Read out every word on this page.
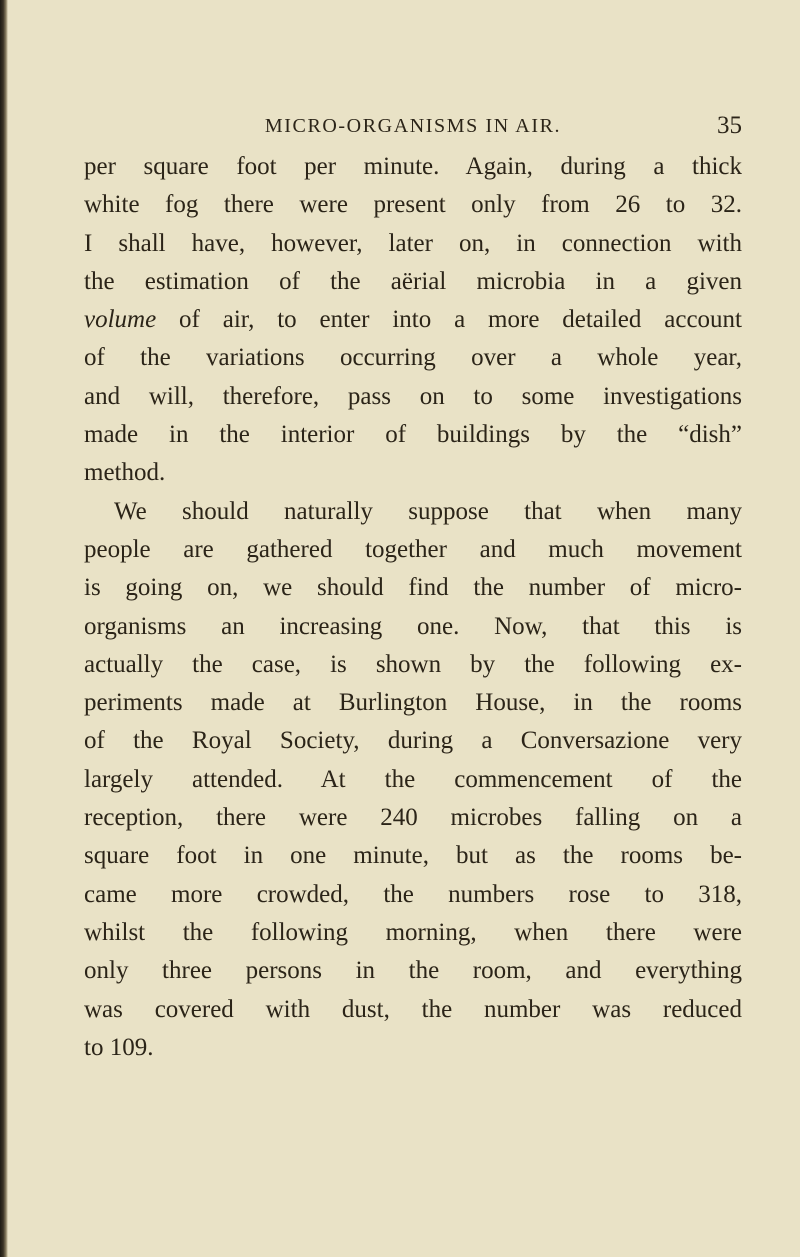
MICRO-ORGANISMS IN AIR.	35
per square foot per minute. Again, during a thick
white fog there were present only from 26 to 32.
I shall have, however, later on, in connection with
the estimation of the aërial microbia in a given
volume of air, to enter into a more detailed account
of the variations occurring over a whole year,
and will, therefore, pass on to some investigations
made in the interior of buildings by the “dish”
method.
We should naturally suppose that when many
people are gathered together and much movement
is going on, we should find the number of micro-
organisms an increasing one. Now, that this is
actually the case, is shown by the following ex-
periments made at Burlington House, in the rooms
of the Royal Society, during a Conversazione very
largely attended. At the commencement of the
reception, there were 240 microbes falling on a
square foot in one minute, but as the rooms be-
came more crowded, the numbers rose to 318,
whilst the following morning, when there were
only three persons in the room, and everything
was covered with dust, the number was reduced
to 109.
